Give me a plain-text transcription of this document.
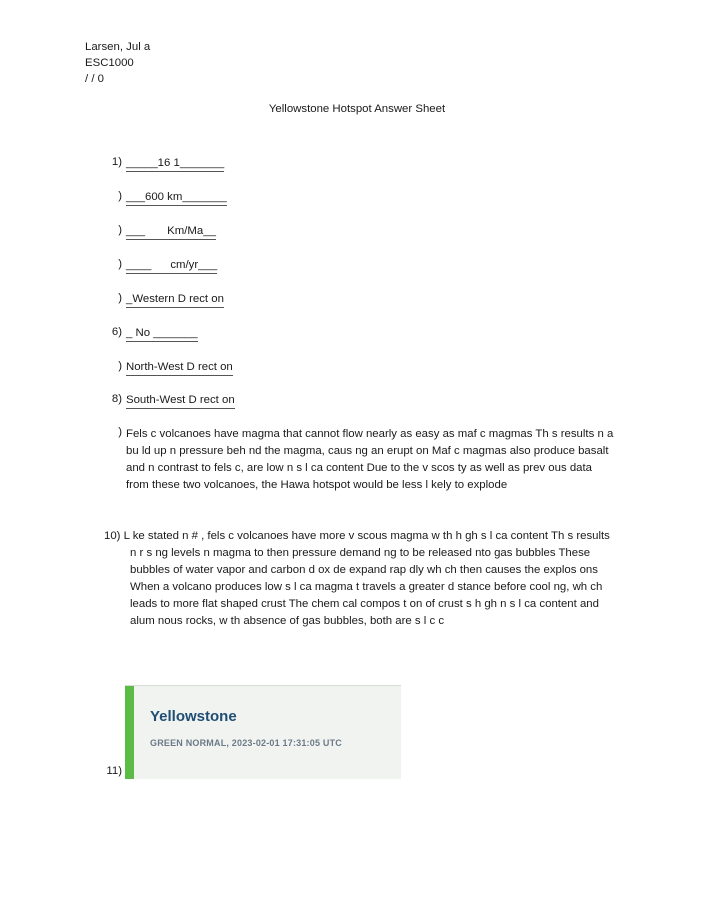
Larsen, Jul a
ESC1000
/ / 0
Yellowstone Hotspot Answer Sheet
1) _____16 1_______
) ___600 km_______
) ___       Km/Ma__
) ____      cm/yr___
) _Western D rect on
6) _ No _______
) North-West D rect on
8) South-West D rect on
) Fels c volcanoes have magma that cannot flow nearly as easy as maf c magmas Th s results n a
bu ld up n pressure beh nd the magma, caus ng an erupt on Maf c magmas also produce basalt
and n contrast to fels c, are low n s l ca content Due to the v scos ty as well as prev ous data
from these two volcanoes, the Hawa hotspot would be less l kely to explode
10) L ke stated n # , fels c volcanoes have more v scous magma w th h gh s l ca content Th s results
n r s ng levels n magma to then pressure demand ng to be released nto gas bubbles These
bubbles of water vapor and carbon d ox de expand rap dly wh ch then causes the explos ons
When a volcano produces low s l ca magma t travels a greater d stance before cool ng, wh ch
leads to more flat shaped crust The chem cal compos t on of crust s h gh n s l ca content and
alum nous rocks, w th absence of gas bubbles, both are s l c c
11)
Yellowstone
GREEN NORMAL, 2023-02-01 17:31:05 UTC
